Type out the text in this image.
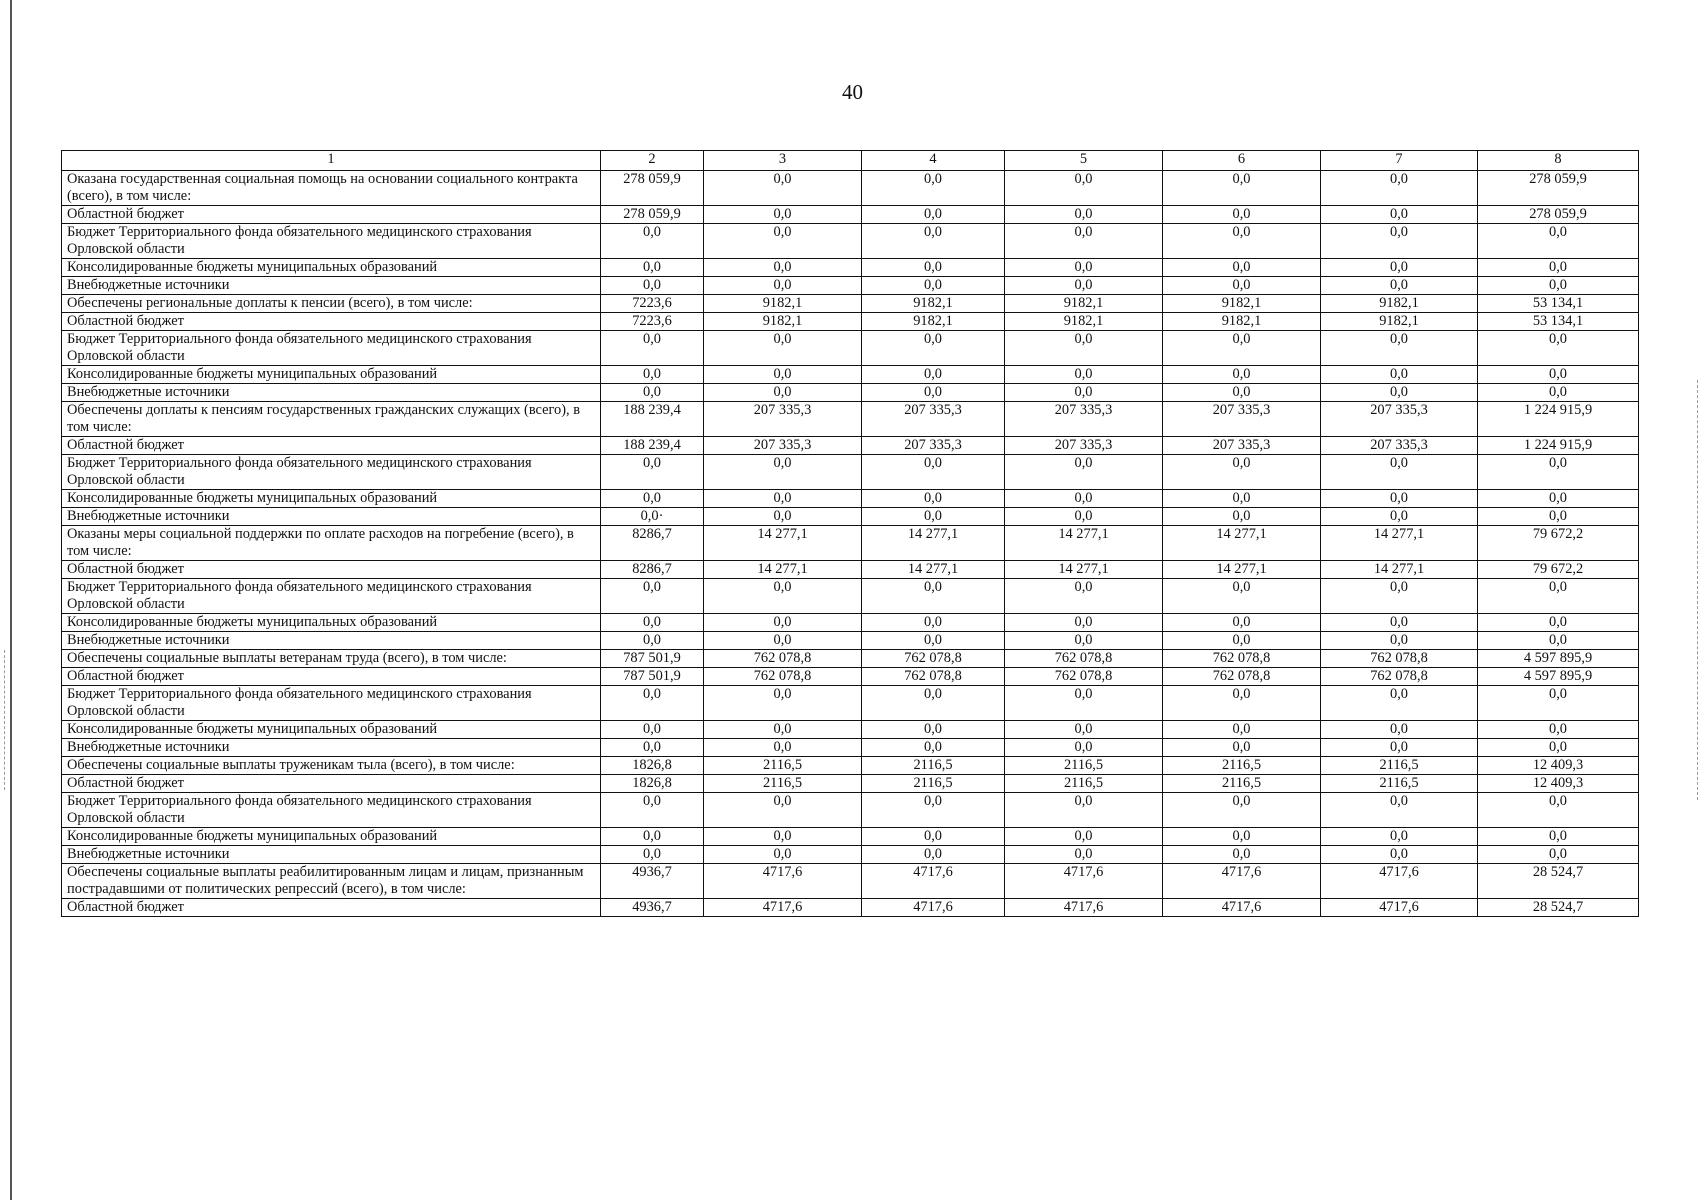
40
1	2	3	4	5	6	7	8
Оказана государственная социальная помощь на основании социального контракта (всего), в том числе:	278 059,9	0,0	0,0	0,0	0,0	0,0	278 059,9
Областной бюджет	278 059,9	0,0	0,0	0,0	0,0	0,0	278 059,9
Бюджет Территориального фонда обязательного медицинского страхования Орловской области	0,0	0,0	0,0	0,0	0,0	0,0	0,0
Консолидированные бюджеты муниципальных образований	0,0	0,0	0,0	0,0	0,0	0,0	0,0
Внебюджетные источники	0,0	0,0	0,0	0,0	0,0	0,0	0,0
Обеспечены региональные доплаты к пенсии (всего), в том числе:	7223,6	9182,1	9182,1	9182,1	9182,1	9182,1	53 134,1
Областной бюджет	7223,6	9182,1	9182,1	9182,1	9182,1	9182,1	53 134,1
Бюджет Территориального фонда обязательного медицинского страхования Орловской области	0,0	0,0	0,0	0,0	0,0	0,0	0,0
Консолидированные бюджеты муниципальных образований	0,0	0,0	0,0	0,0	0,0	0,0	0,0
Внебюджетные источники	0,0	0,0	0,0	0,0	0,0	0,0	0,0
Обеспечены доплаты к пенсиям государственных гражданских служащих (всего), в том числе:	188 239,4	207 335,3	207 335,3	207 335,3	207 335,3	207 335,3	1 224 915,9
Областной бюджет	188 239,4	207 335,3	207 335,3	207 335,3	207 335,3	207 335,3	1 224 915,9
Бюджет Территориального фонда обязательного медицинского страхования Орловской области	0,0	0,0	0,0	0,0	0,0	0,0	0,0
Консолидированные бюджеты муниципальных образований	0,0	0,0	0,0	0,0	0,0	0,0	0,0
Внебюджетные источники	0,0·	0,0	0,0	0,0	0,0	0,0	0,0
Оказаны меры социальной поддержки по оплате расходов на погребение (всего), в том числе:	8286,7	14 277,1	14 277,1	14 277,1	14 277,1	14 277,1	79 672,2
Областной бюджет	8286,7	14 277,1	14 277,1	14 277,1	14 277,1	14 277,1	79 672,2
Бюджет Территориального фонда обязательного медицинского страхования Орловской области	0,0	0,0	0,0	0,0	0,0	0,0	0,0
Консолидированные бюджеты муниципальных образований	0,0	0,0	0,0	0,0	0,0	0,0	0,0
Внебюджетные источники	0,0	0,0	0,0	0,0	0,0	0,0	0,0
Обеспечены социальные выплаты ветеранам труда (всего), в том числе:	787 501,9	762 078,8	762 078,8	762 078,8	762 078,8	762 078,8	4 597 895,9
Областной бюджет	787 501,9	762 078,8	762 078,8	762 078,8	762 078,8	762 078,8	4 597 895,9
Бюджет Территориального фонда обязательного медицинского страхования Орловской области	0,0	0,0	0,0	0,0	0,0	0,0	0,0
Консолидированные бюджеты муниципальных образований	0,0	0,0	0,0	0,0	0,0	0,0	0,0
Внебюджетные источники	0,0	0,0	0,0	0,0	0,0	0,0	0,0
Обеспечены социальные выплаты труженикам тыла (всего), в том числе:	1826,8	2116,5	2116,5	2116,5	2116,5	2116,5	12 409,3
Областной бюджет	1826,8	2116,5	2116,5	2116,5	2116,5	2116,5	12 409,3
Бюджет Территориального фонда обязательного медицинского страхования Орловской области	0,0	0,0	0,0	0,0	0,0	0,0	0,0
Консолидированные бюджеты муниципальных образований	0,0	0,0	0,0	0,0	0,0	0,0	0,0
Внебюджетные источники	0,0	0,0	0,0	0,0	0,0	0,0	0,0
Обеспечены социальные выплаты реабилитированным лицам и лицам, признанным пострадавшими от политических репрессий (всего), в том числе:	4936,7	4717,6	4717,6	4717,6	4717,6	4717,6	28 524,7
Областной бюджет	4936,7	4717,6	4717,6	4717,6	4717,6	4717,6	28 524,7
